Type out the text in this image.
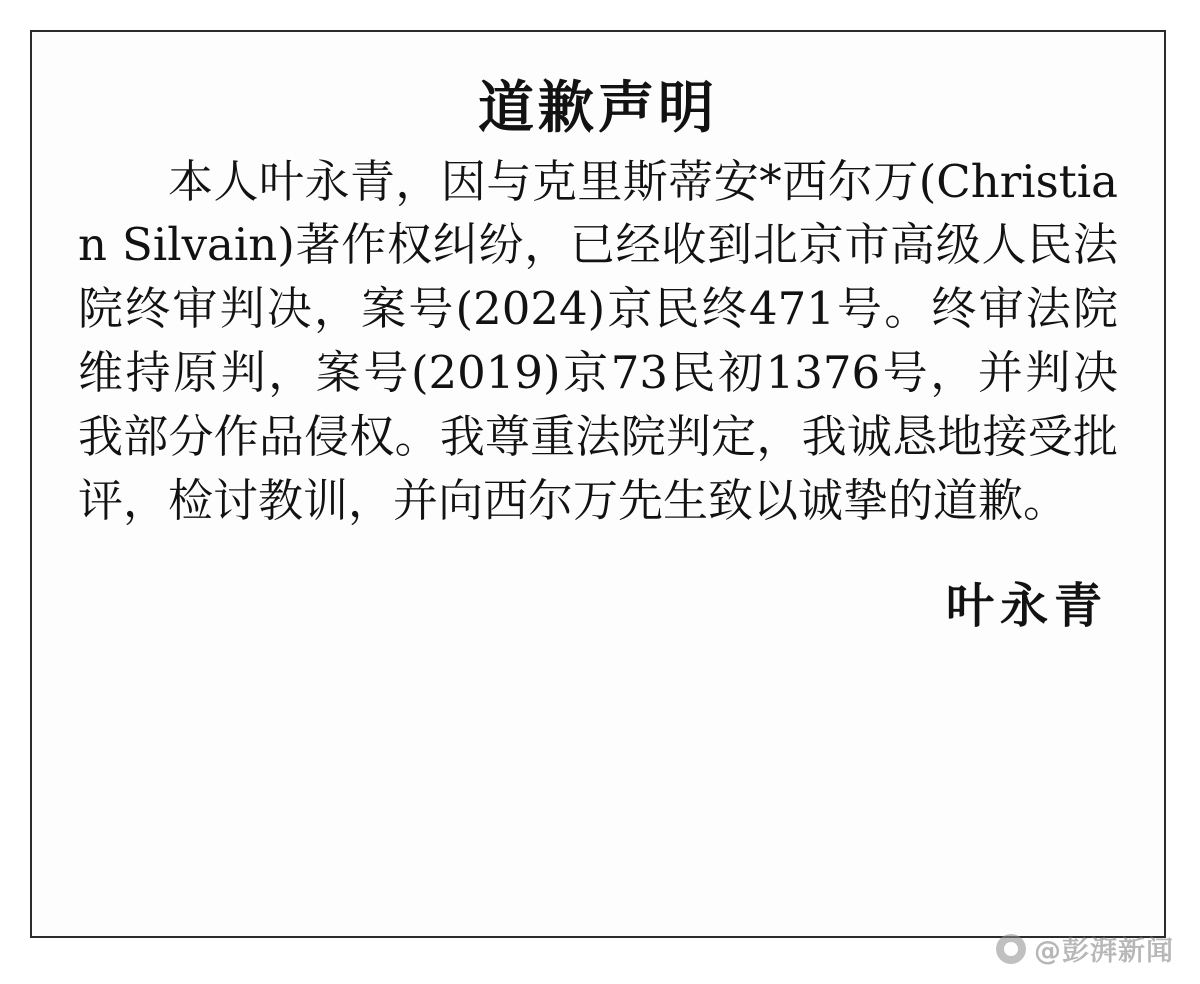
道歉声明
本人叶永青，因与克里斯蒂安*西尔万(Christian Silvain)著作权纠纷，已经收到北京市高级人民法院终审判决，案号(2024)京民终471号。终审法院维持原判，案号(2019)京73民初1376号，并判决我部分作品侵权。我尊重法院判定，我诚恳地接受批评，检讨教训，并向西尔万先生致以诚挚的道歉。
叶永青
@彭湃新闻
